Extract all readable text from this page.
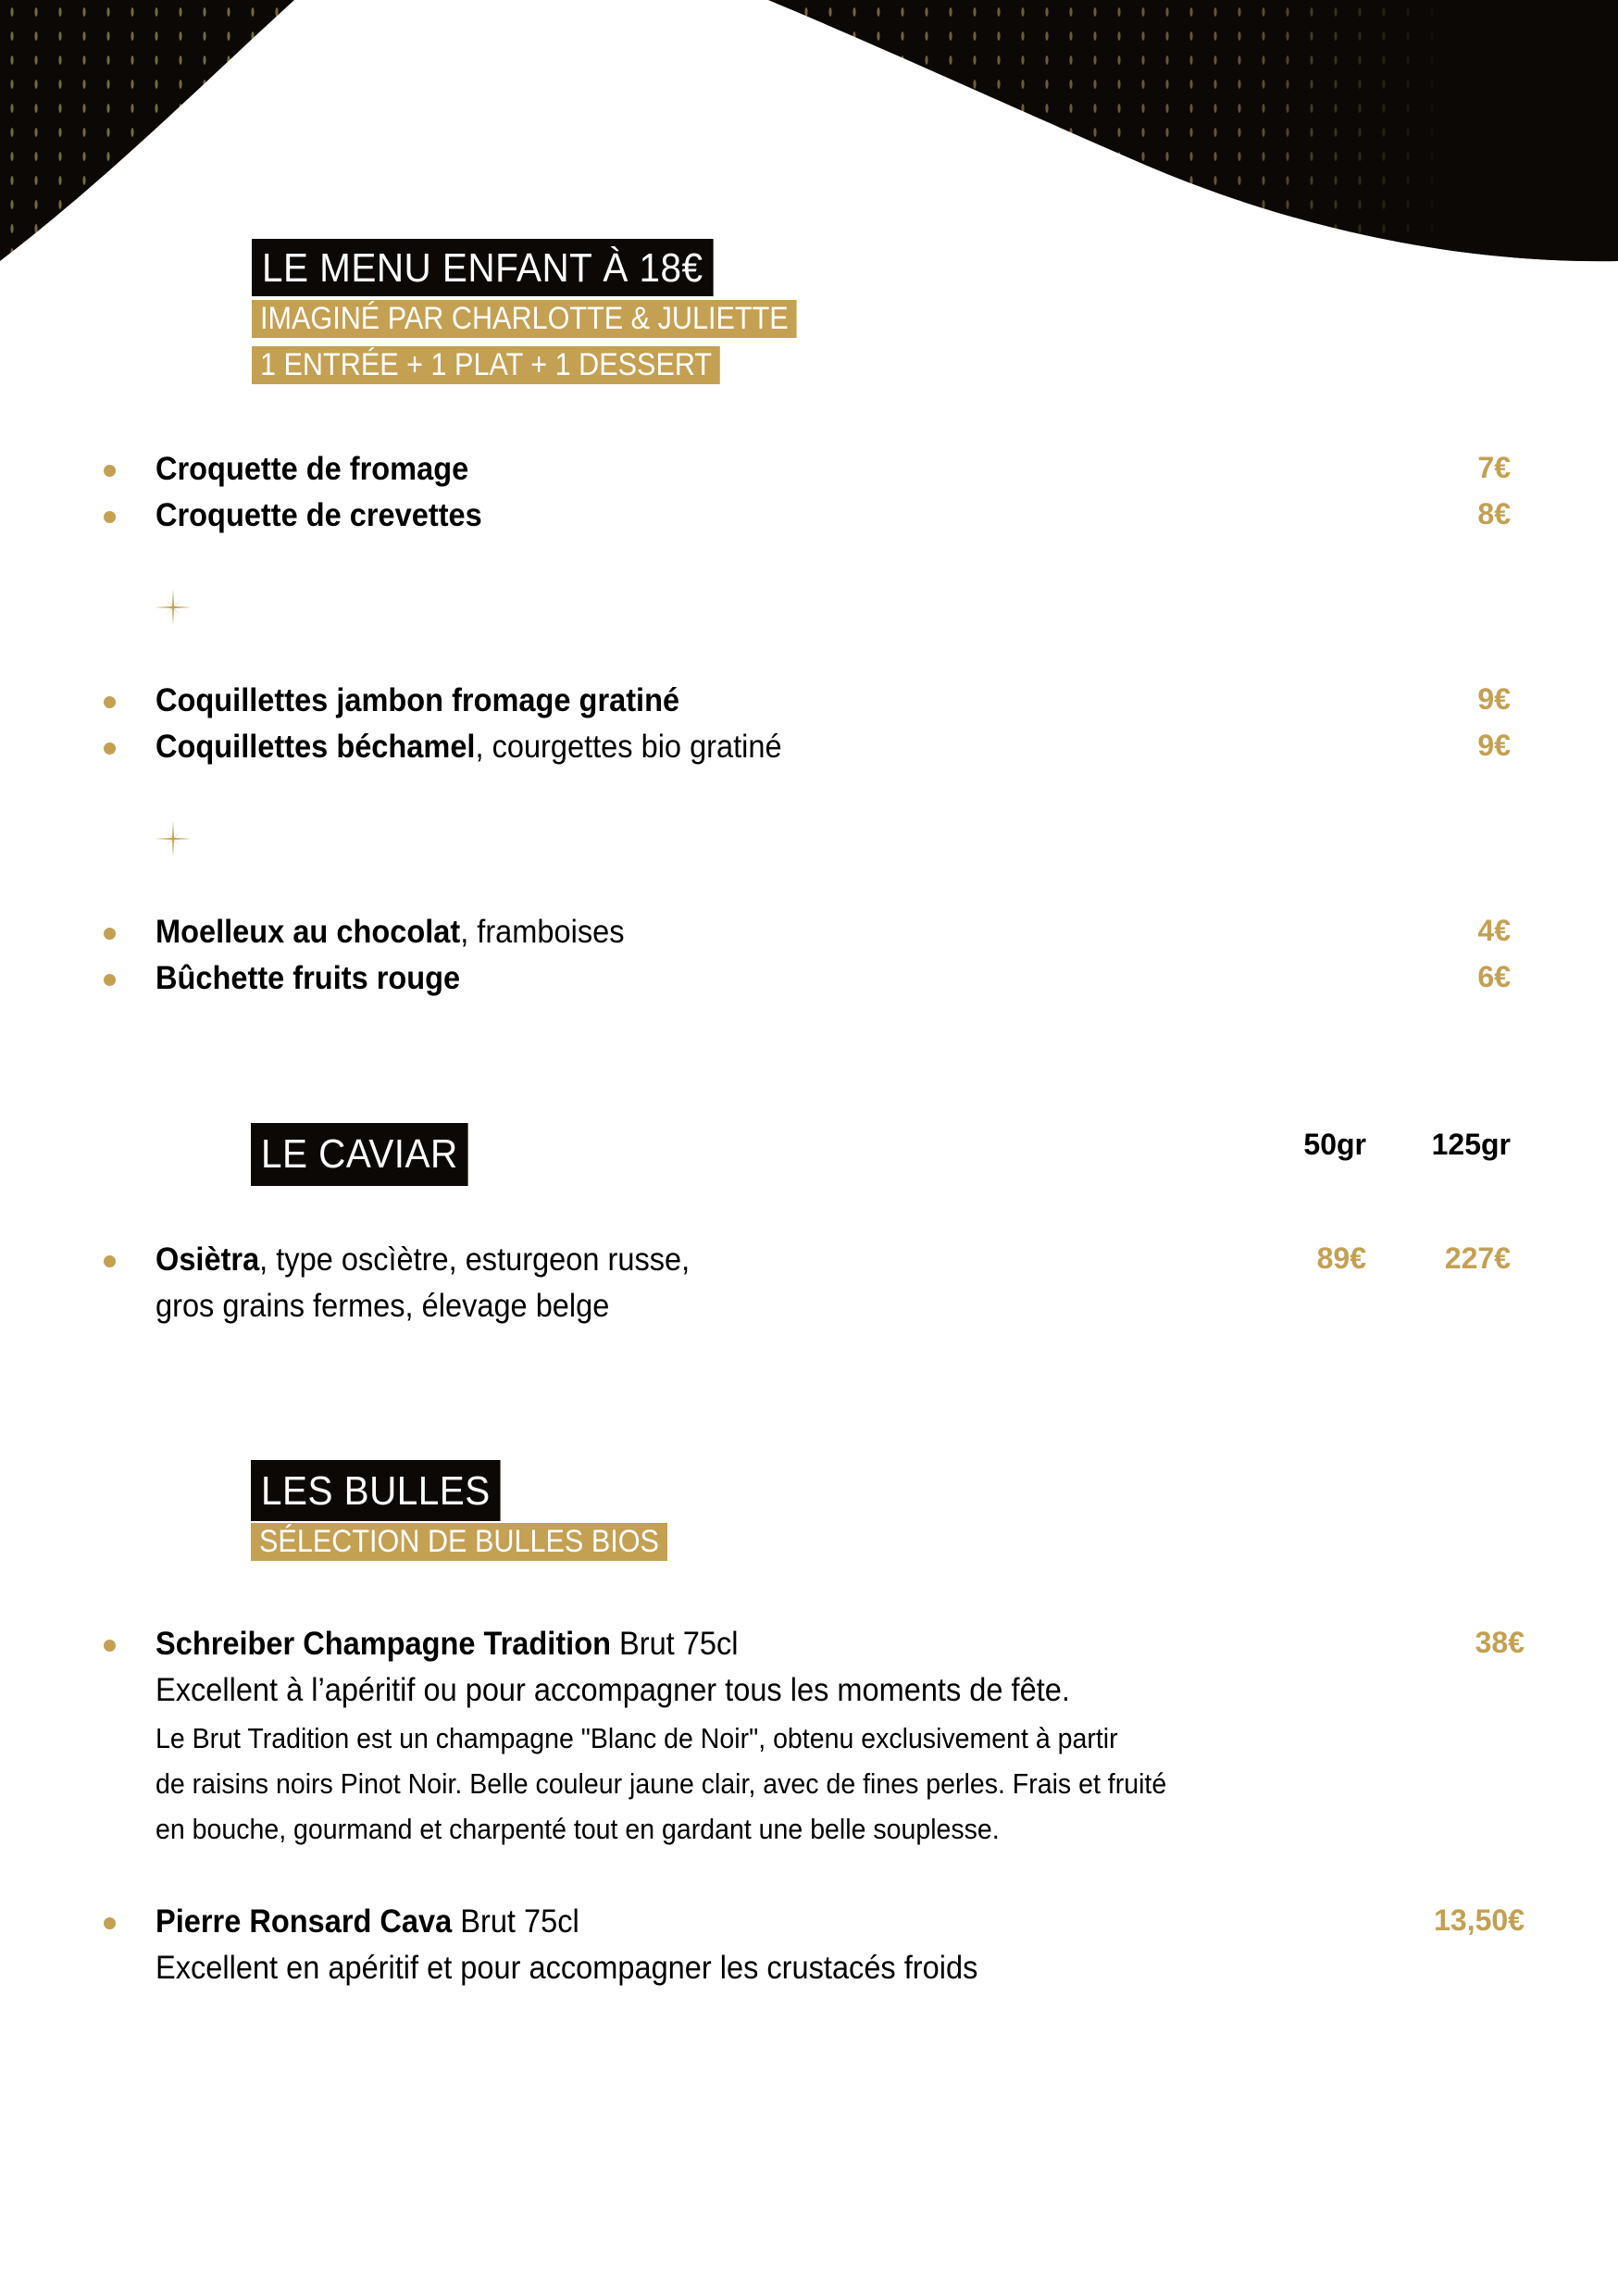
LE MENU ENFANT À 18€
IMAGINÉ PAR CHARLOTTE & JULIETTE
1 ENTRÉE + 1 PLAT + 1 DESSERT
Croquette de fromage	7€
Croquette de crevettes	8€
Coquillettes jambon fromage gratiné	9€
Coquillettes béchamel, courgettes bio gratiné	9€
Moelleux au chocolat, framboises	4€
Bûchette fruits rouge	6€
LE CAVIAR	50gr 125gr
Osiètra, type oscìètre, esturgeon russe,
gros grains fermes, élevage belge
89€	227€
LES BULLES
SÉLECTION DE BULLES BIOS
Schreiber Champagne Tradition Brut 75cl	38€
Excellent à l’apéritif ou pour accompagner tous les moments de fête.
Le Brut Tradition est un champagne "Blanc de Noir", obtenu exclusivement à partir
de raisins noirs Pinot Noir. Belle couleur jaune clair, avec de fines perles. Frais et fruité
en bouche, gourmand et charpenté tout en gardant une belle souplesse.
Pierre Ronsard Cava Brut 75cl	13,50€
Excellent en apéritif et pour accompagner les crustacés froids
